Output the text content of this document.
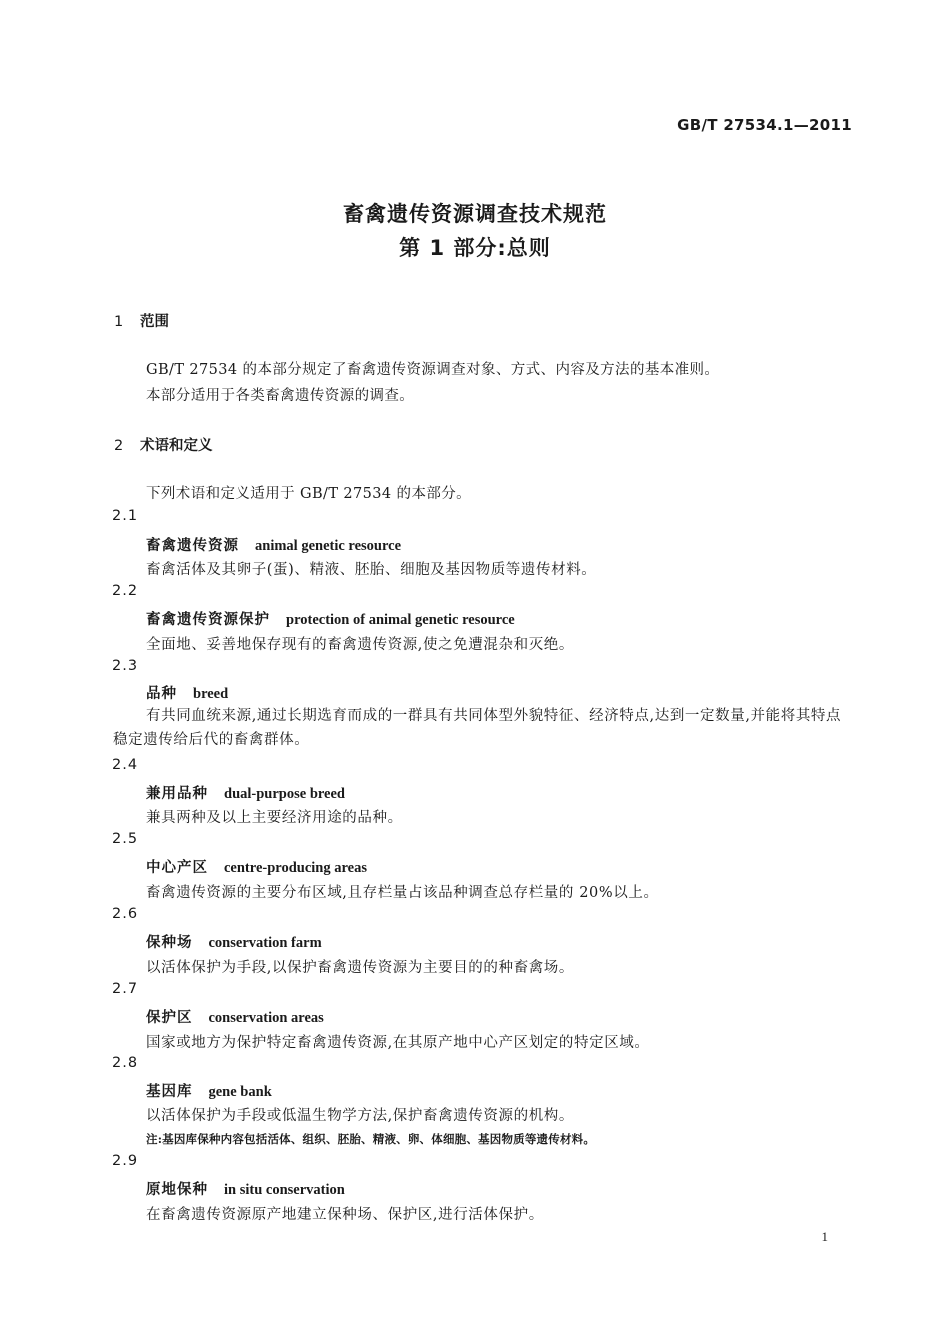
GB/T 27534.1—2011
畜禽遗传资源调查技术规范
第 1 部分:总则
1 范围
GB/T 27534 的本部分规定了畜禽遗传资源调查对象、方式、内容及方法的基本准则。
本部分适用于各类畜禽遗传资源的调查。
2 术语和定义
下列术语和定义适用于 GB/T 27534 的本部分。
2.1
畜禽遗传资源 animal genetic resource
畜禽活体及其卵子(蛋)、精液、胚胎、细胞及基因物质等遗传材料。
2.2
畜禽遗传资源保护 protection of animal genetic resource
全面地、妥善地保存现有的畜禽遗传资源,使之免遭混杂和灭绝。
2.3
品种 breed
有共同血统来源,通过长期选育而成的一群具有共同体型外貌特征、经济特点,达到一定数量,并能将其特点稳定遗传给后代的畜禽群体。
2.4
兼用品种 dual-purpose breed
兼具两种及以上主要经济用途的品种。
2.5
中心产区 centre-producing areas
畜禽遗传资源的主要分布区域,且存栏量占该品种调查总存栏量的 20%以上。
2.6
保种场 conservation farm
以活体保护为手段,以保护畜禽遗传资源为主要目的的种畜禽场。
2.7
保护区 conservation areas
国家或地方为保护特定畜禽遗传资源,在其原产地中心产区划定的特定区域。
2.8
基因库 gene bank
以活体保护为手段或低温生物学方法,保护畜禽遗传资源的机构。
注:基因库保种内容包括活体、组织、胚胎、精液、卵、体细胞、基因物质等遗传材料。
2.9
原地保种 in situ conservation
在畜禽遗传资源原产地建立保种场、保护区,进行活体保护。
1
